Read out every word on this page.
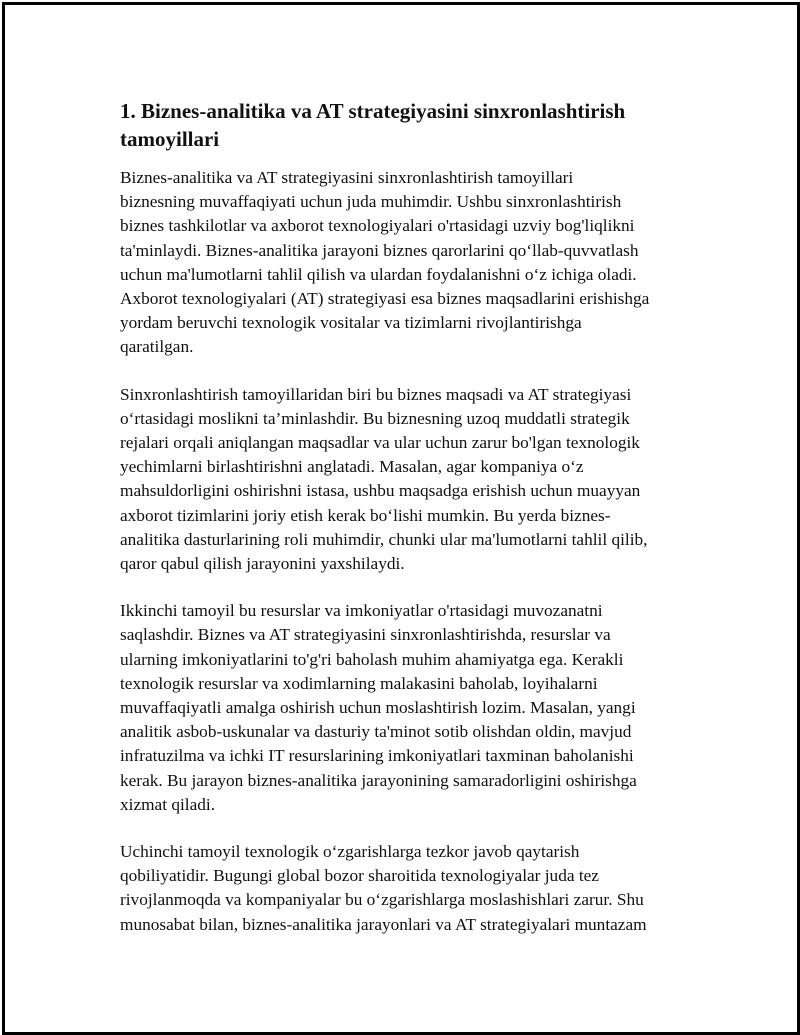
1. Biznes-analitika va AT strategiyasini sinxronlashtirish tamoyillari

Biznes-analitika va AT strategiyasini sinxronlashtirish tamoyillari
biznesning muvaffaqiyati uchun juda muhimdir. Ushbu sinxronlashtirish
biznes tashkilotlar va axborot texnologiyalari o'rtasidagi uzviy bog'liqlikni
ta'minlaydi. Biznes-analitika jarayoni biznes qarorlarini qo‘llab-quvvatlash
uchun ma'lumotlarni tahlil qilish va ulardan foydalanishni o‘z ichiga oladi.
Axborot texnologiyalari (AT) strategiyasi esa biznes maqsadlarini erishishga
yordam beruvchi texnologik vositalar va tizimlarni rivojlantirishga
qaratilgan.

Sinxronlashtirish tamoyillaridan biri bu biznes maqsadi va AT strategiyasi
o‘rtasidagi moslikni ta’minlashdir. Bu biznesning uzoq muddatli strategik
rejalari orqali aniqlangan maqsadlar va ular uchun zarur bo'lgan texnologik
yechimlarni birlashtirishni anglatadi. Masalan, agar kompaniya o‘z
mahsuldorligini oshirishni istasa, ushbu maqsadga erishish uchun muayyan
axborot tizimlarini joriy etish kerak bo‘lishi mumkin. Bu yerda biznes-
analitika dasturlarining roli muhimdir, chunki ular ma'lumotlarni tahlil qilib,
qaror qabul qilish jarayonini yaxshilaydi.

Ikkinchi tamoyil bu resurslar va imkoniyatlar o'rtasidagi muvozanatni
saqlashdir. Biznes va AT strategiyasini sinxronlashtirishda, resurslar va
ularning imkoniyatlarini to'g'ri baholash muhim ahamiyatga ega. Kerakli
texnologik resurslar va xodimlarning malakasini baholab, loyihalarni
muvaffaqiyatli amalga oshirish uchun moslashtirish lozim. Masalan, yangi
analitik asbob-uskunalar va dasturiy ta'minot sotib olishdan oldin, mavjud
infratuzilma va ichki IT resurslarining imkoniyatlari taxminan baholanishi
kerak. Bu jarayon biznes-analitika jarayonining samaradorligini oshirishga
xizmat qiladi.

Uchinchi tamoyil texnologik o‘zgarishlarga tezkor javob qaytarish
qobiliyatidir. Bugungi global bozor sharoitida texnologiyalar juda tez
rivojlanmoqda va kompaniyalar bu o‘zgarishlarga moslashishlari zarur. Shu
munosabat bilan, biznes-analitika jarayonlari va AT strategiyalari muntazam
